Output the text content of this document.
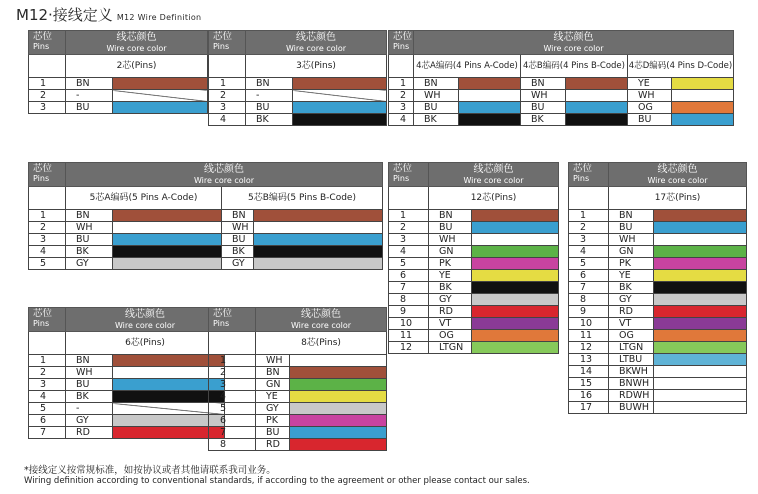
M12·接线定义 M12 Wire Definition
芯位
Pins	线芯颜色
Wire core color	

	2芯(Pins)	
1	BN	
2	-	
3	BU	
芯位
Pins	线芯颜色
Wire core color	

	3芯(Pins)	
1	BN	
2	-	
3	BU	
4	BK	
芯位
Pins	线芯颜色
Wire core color					

	4芯A编码(4 Pins A-Code)		4芯B编码(4 Pins B-Code)		4芯D编码(4 Pins D-Code)	
1	BN		BN		YE	
2	WH		WH		WH	
3	BU		BU		OG	
4	BK		BK		BU	
芯位
Pins	线芯颜色
Wire core color			

	5芯A编码(5 Pins A-Code)		5芯B编码(5 Pins B-Code)	
1	BN		BN	
2	WH		WH	
3	BU		BU	
4	BK		BK	
5	GY		GY	
芯位
Pins	线芯颜色
Wire core color	

	12芯(Pins)	
1	BN	
2	BU	
3	WH	
4	GN	
5	PK	
6	YE	
7	BK	
8	GY	
9	RD	
10	VT	
11	OG	
12	LTGN	
芯位
Pins	线芯颜色
Wire core color	

	17芯(Pins)	
1	BN	
2	BU	
3	WH	
4	GN	
5	PK	
6	YE	
7	BK	
8	GY	
9	RD	
10	VT	
11	OG	
12	LTGN	
13	LTBU	
14	BKWH	
15	BNWH	
16	RDWH	
17	BUWH	
芯位
Pins	线芯颜色
Wire core color	

	6芯(Pins)	
1	BN	
2	WH	
3	BU	
4	BK	
5	-	
6	GY	
7	RD	
芯位
Pins	线芯颜色
Wire core color	

	8芯(Pins)	
1	WH	
2	BN	
3	GN	
4	YE	
5	GY	
6	PK	
7	BU	
8	RD	
*接线定义按常规标准，如按协议或者其他请联系我司业务。
Wiring definition according to conventional standards, if according to the agreement or other please contact our sales.
